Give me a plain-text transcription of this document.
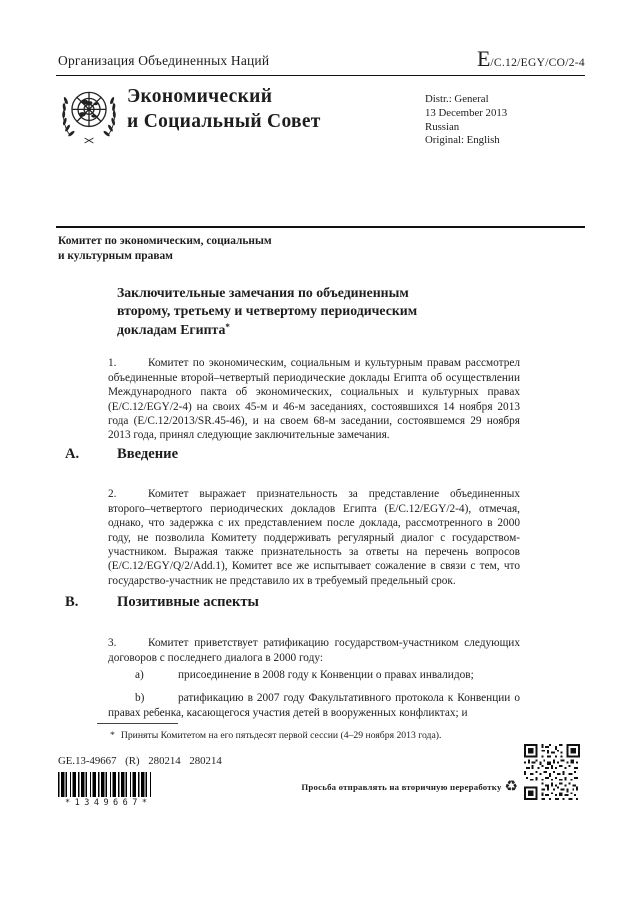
Организация Объединенных Наций	E/C.12/EGY/CO/2-4
Экономический
и Социальный Совет
Distr.: General
13 December 2013
Russian
Original: English
Комитет по экономическим, социальным
и культурным правам
Заключительные замечания по объединенным
второму, третьему и четвертому периодическим
докладам Египта*

1.	Комитет по экономическим, социальным и культурным правам рассмотрел объединенные второй–четвертый периодические доклады Египта об осуществлении Международного пакта об экономических, социальных и культурных правах (E/C.12/EGY/2-4) на своих 45-м и 46-м заседаниях, состоявшихся 14 ноября 2013 года (E/C.12/2013/SR.45-46), и на своем 68-м заседании, состоявшемся 29 ноября 2013 года, принял следующие заключительные замечания.

A.	Введение

2.	Комитет выражает признательность за представление объединенных второго–четвертого периодических докладов Египта (E/C.12/EGY/2-4), отмечая, однако, что задержка с их представлением после доклада, рассмотренного в 2000 году, не позволила Комитету поддерживать регулярный диалог с государством-участником. Выражая также признательность за ответы на перечень вопросов (E/C.12/EGY/Q/2/Add.1), Комитет все же испытывает сожаление в связи с тем, что государство-участник не представило их в требуемый предельный срок.

B.	Позитивные аспекты

3.	Комитет приветствует ратификацию государством-участником следующих договоров с последнего диалога в 2000 году:

a)	присоединение в 2008 году к Конвенции о правах инвалидов;

b)	ратификацию в 2007 году Факультативного протокола к Конвенции о правах ребенка, касающегося участия детей в вооруженных конфликтах; и

* Приняты Комитетом на его пятьдесят первой сессии (4–29 ноября 2013 года).
GE.13-49667 (R) 280214 280214
*1349667*
Просьба отправлять на вторичную переработку ♻
